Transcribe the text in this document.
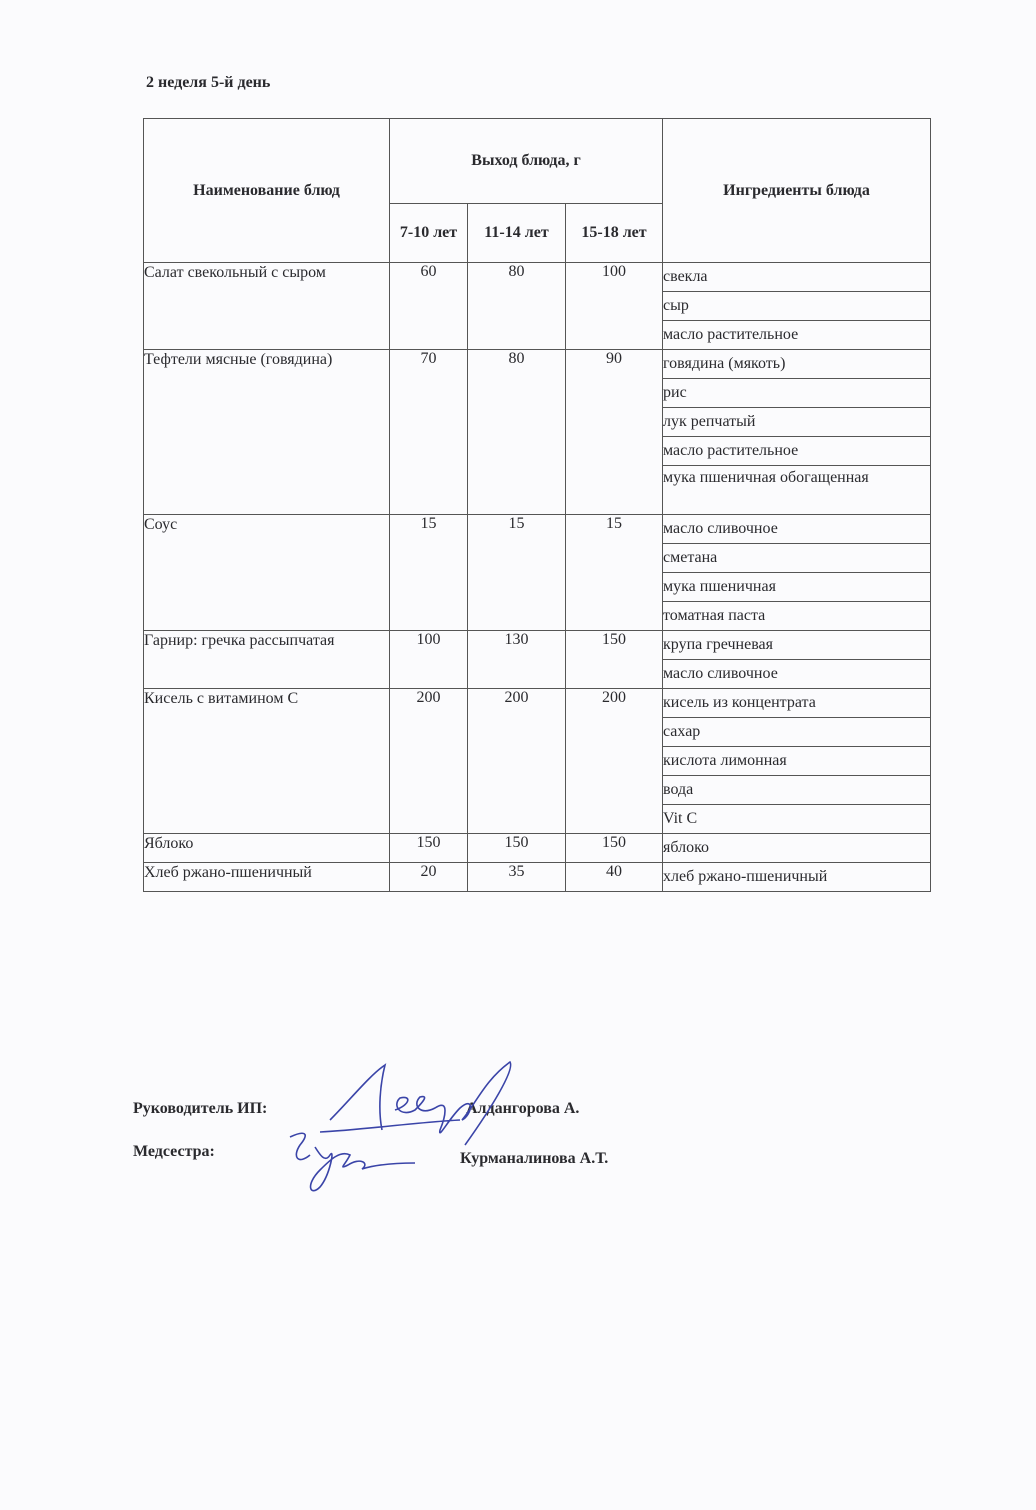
2 неделя 5-й день
Наименование блюд	Выход блюда, г			Ингредиенты блюда
	7-10 лет	11-14 лет	15-18 лет	
Салат свекольный с сыром	60	80	100	свекла
				сыр
				масло растительное
Тефтели мясные (говядина)	70	80	90	говядина (мякоть)
				рис
				лук репчатый
				масло растительное
				мука пшеничная обогащенная
Соус	15	15	15	масло сливочное
				сметана
				мука пшеничная
				томатная паста
Гарнир: гречка рассыпчатая	100	130	150	крупа гречневая
				масло сливочное
Кисель с витамином С	200	200	200	кисель из концентрата
				сахар
				кислота лимонная
				вода
				Vit C
Яблоко	150	150	150	яблоко
Хлеб ржано-пшеничный	20	35	40	хлеб ржано-пшеничный
Руководитель ИП:	Алдангорова А.
Медсестра:	Курманалинова А.Т.
